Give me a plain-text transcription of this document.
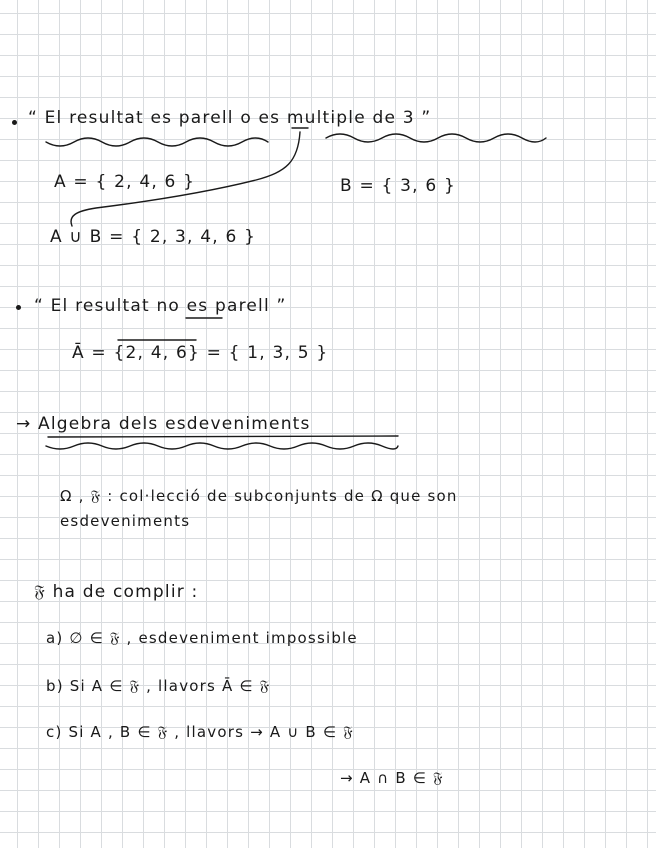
“ El resultat es parell o es multiple de 3 ”
A = { 2, 4, 6 }	B = { 3, 6 }
A ∪ B = { 2, 3, 4, 6 }
“ El resultat no es parell ”
Ā = {2, 4, 6} = { 1, 3, 5 }
→ Algebra dels esdeveniments
Ω , 𝔉 : col·lecció de subconjunts de Ω que son
esdeveniments
𝔉 ha de complir :
a) ∅ ∈ 𝔉 , esdeveniment impossible
b) Si A ∈ 𝔉 , llavors Ā ∈ 𝔉
c) Si A , B ∈ 𝔉 , llavors → A ∪ B ∈ 𝔉
→ A ∩ B ∈ 𝔉
